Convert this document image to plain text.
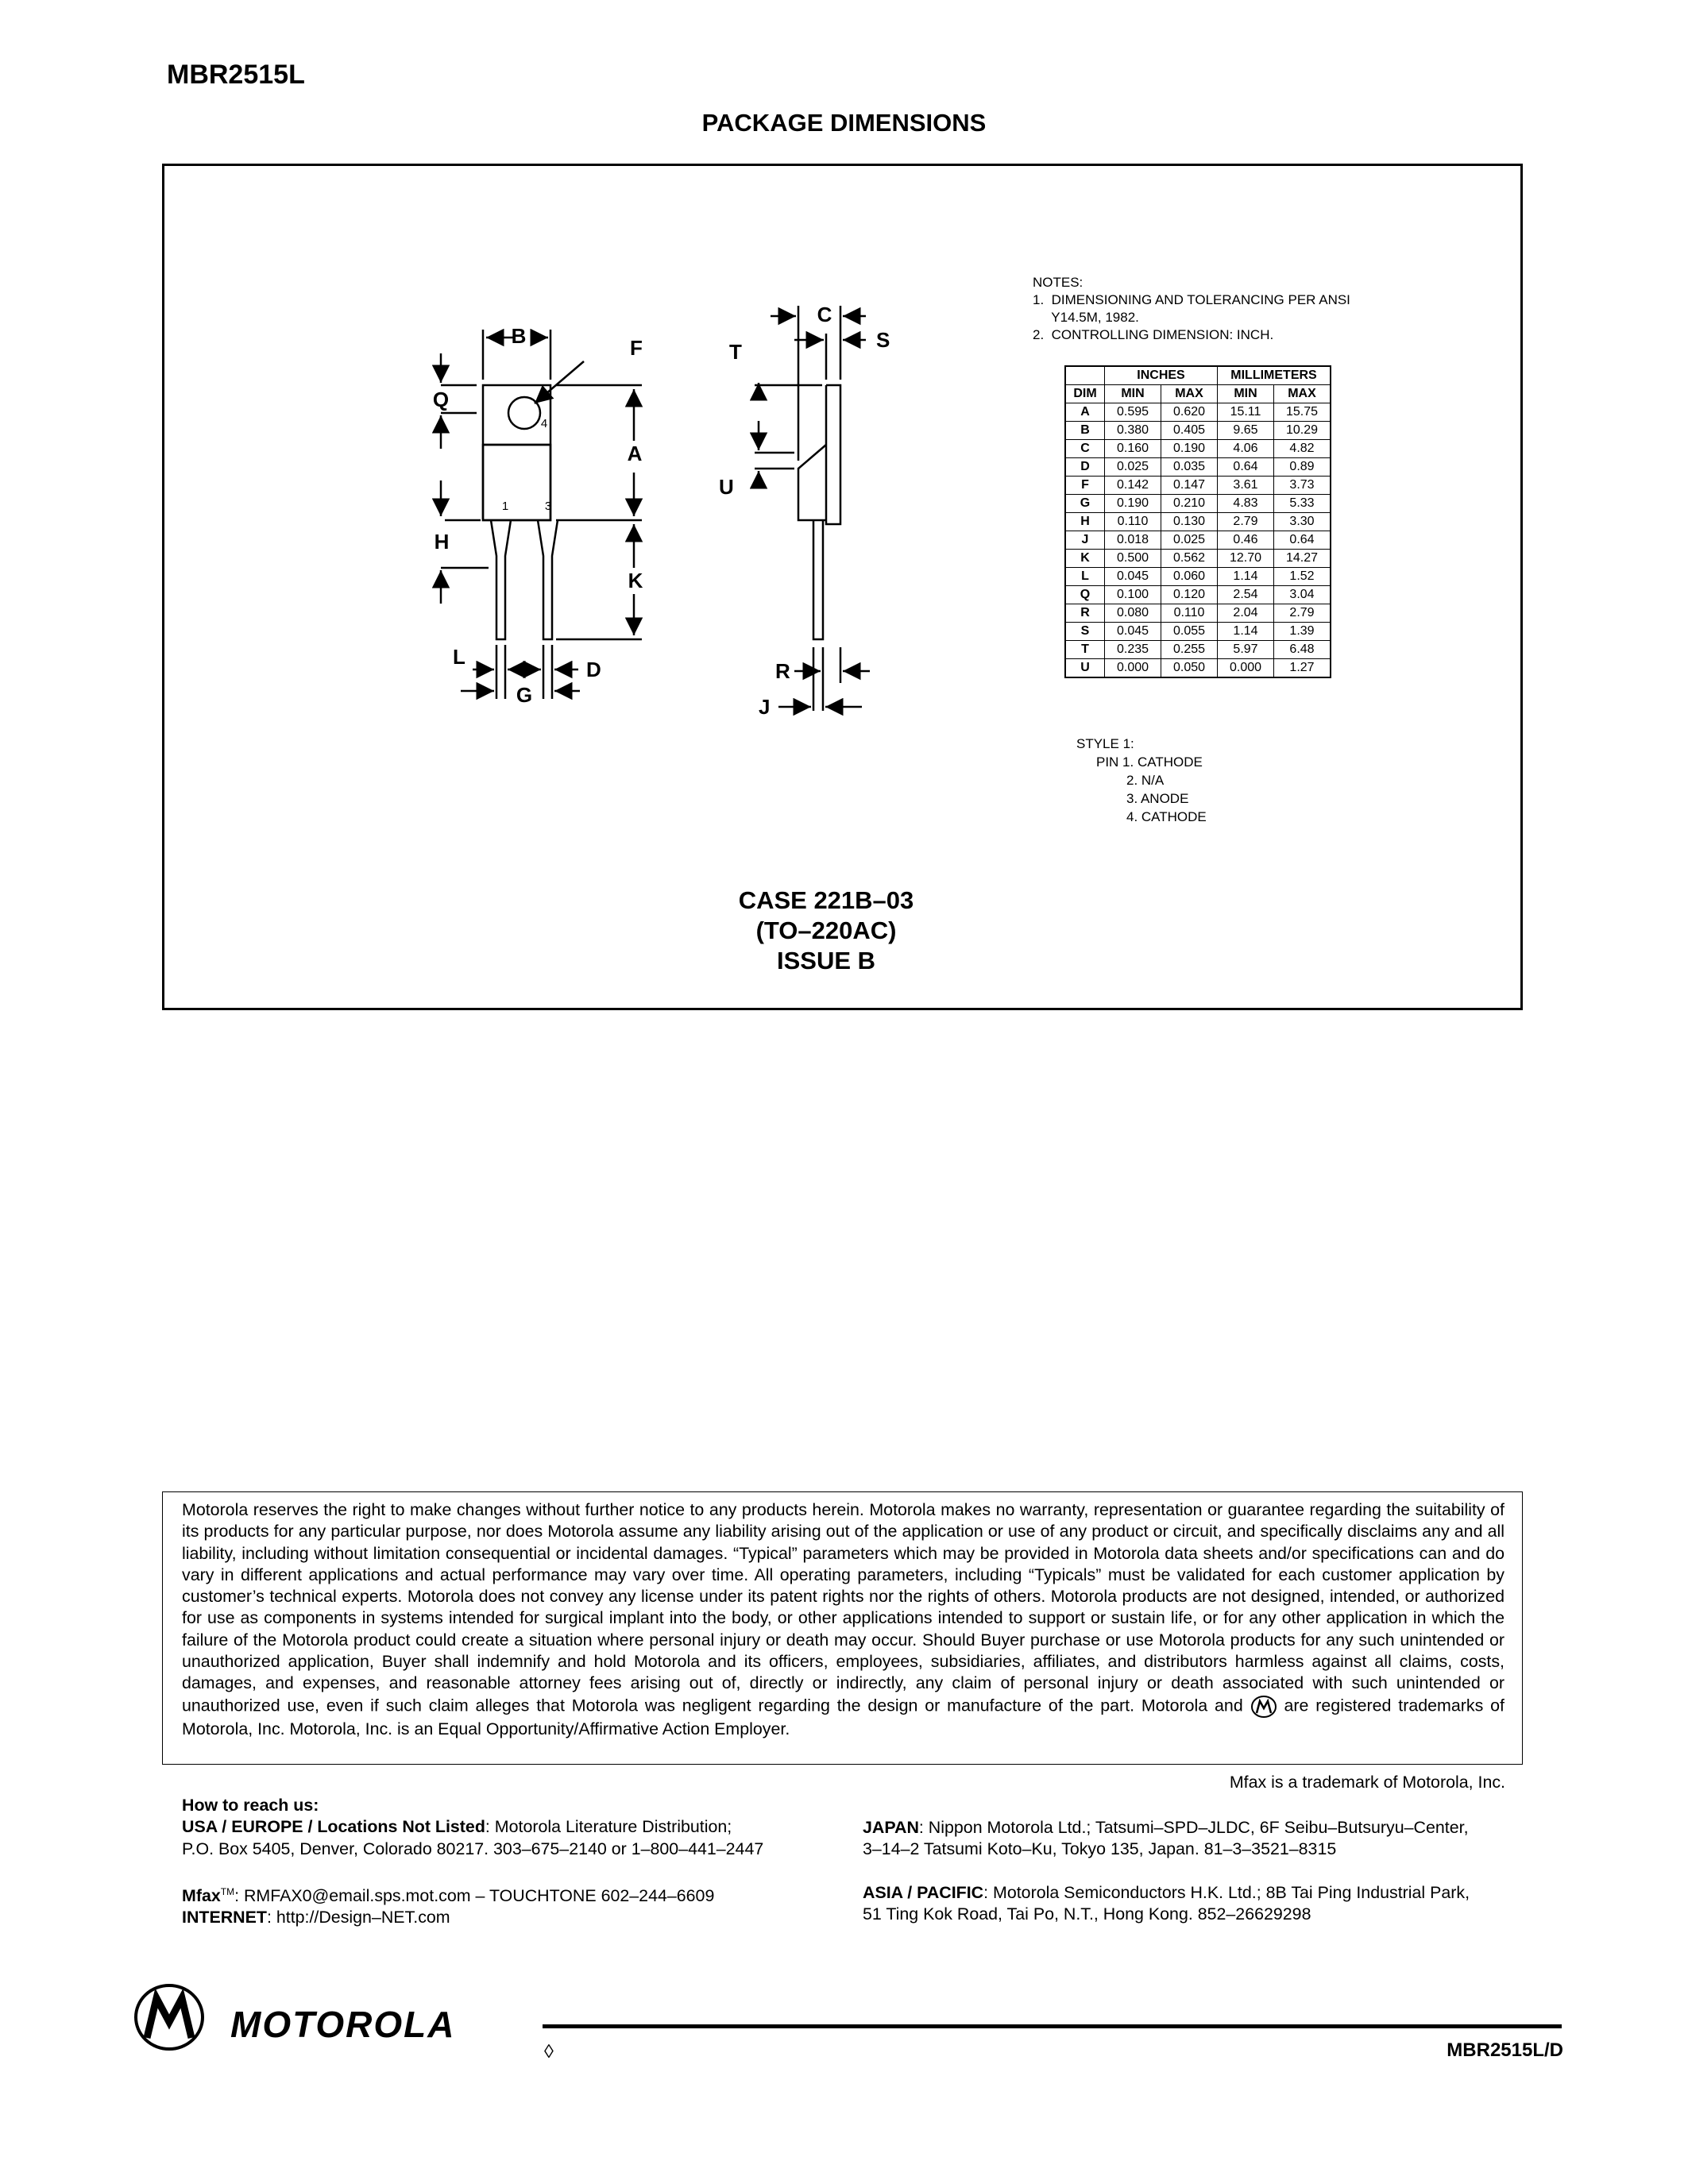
MBR2515L
PACKAGE DIMENSIONS
B	F
Q
A
H
K
L
D
G
C
S
T
U
R
J
1	3
4
NOTES:
1.  DIMENSIONING AND TOLERANCING PER ANSI
Y14.5M, 1982.
2.  CONTROLLING DIMENSION: INCH.
	INCHES		MILLIMETERS	
DIM	MIN	MAX	MIN	MAX
A	0.595	0.620	15.11	15.75
B	0.380	0.405	9.65	10.29
C	0.160	0.190	4.06	4.82
D	0.025	0.035	0.64	0.89
F	0.142	0.147	3.61	3.73
G	0.190	0.210	4.83	5.33
H	0.110	0.130	2.79	3.30
J	0.018	0.025	0.46	0.64
K	0.500	0.562	12.70	14.27
L	0.045	0.060	1.14	1.52
Q	0.100	0.120	2.54	3.04
R	0.080	0.110	2.04	2.79
S	0.045	0.055	1.14	1.39
T	0.235	0.255	5.97	6.48
U	0.000	0.050	0.000	1.27
STYLE 1:
PIN 1. CATHODE
2. N/A
3. ANODE
4. CATHODE
CASE 221B–03
(TO–220AC)
ISSUE B
Motorola reserves the right to make changes without further notice to any products herein. Motorola makes no warranty, representation or guarantee regarding the suitability of its products for any particular purpose, nor does Motorola assume any liability arising out of the application or use of any product or circuit, and specifically disclaims any and all liability, including without limitation consequential or incidental damages. “Typical” parameters which may be provided in Motorola data sheets and/or specifications can and do vary in different applications and actual performance may vary over time. All operating parameters, including “Typicals” must be validated for each customer application by customer’s technical experts. Motorola does not convey any license under its patent rights nor the rights of others. Motorola products are not designed, intended, or authorized for use as components in systems intended for surgical implant into the body, or other applications intended to support or sustain life, or for any other application in which the failure of the Motorola product could create a situation where personal injury or death may occur. Should Buyer purchase or use Motorola products for any such unintended or unauthorized application, Buyer shall indemnify and hold Motorola and its officers, employees, subsidiaries, affiliates, and distributors harmless against all claims, costs, damages, and expenses, and reasonable attorney fees arising out of, directly or indirectly, any claim of personal injury or death associated with such unintended or unauthorized use, even if such claim alleges that Motorola was negligent regarding the design or manufacture of the part. Motorola and are registered trademarks of Motorola, Inc. Motorola, Inc. is an Equal Opportunity/Affirmative Action Employer.
Mfax is a trademark of Motorola, Inc.
How to reach us:
USA / EUROPE / Locations Not Listed: Motorola Literature Distribution;
P.O. Box 5405, Denver, Colorado 80217. 303–675–2140 or 1–800–441–2447
Mfax™: RMFAX0@email.sps.mot.com – TOUCHTONE 602–244–6609
INTERNET: http://Design–NET.com
JAPAN: Nippon Motorola Ltd.; Tatsumi–SPD–JLDC, 6F Seibu–Butsuryu–Center,
3–14–2 Tatsumi Koto–Ku, Tokyo 135, Japan. 81–3–3521–8315
ASIA / PACIFIC: Motorola Semiconductors H.K. Ltd.; 8B Tai Ping Industrial Park,
51 Ting Kok Road, Tai Po, N.T., Hong Kong. 852–26629298
MOTOROLA
◊	MBR2515L/D
